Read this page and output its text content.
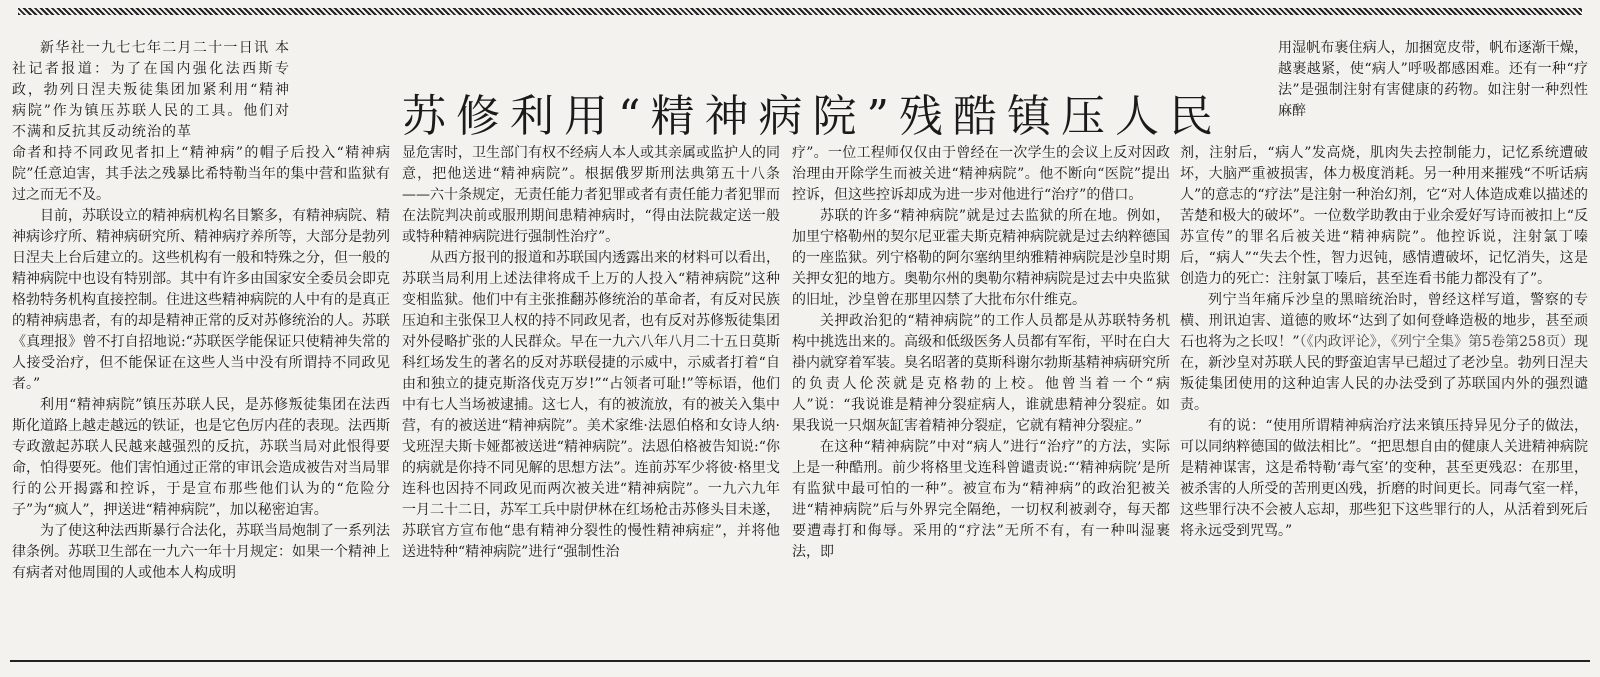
苏修利用“精神病院”残酷镇压人民

新华社一九七七年二月二十一日讯 本社记者报道：为了在国内强化法西斯专政，勃列日涅夫叛徒集团加紧利用“精神病院”作为镇压苏联人民的工具。他们对不满和反抗其反动统治的革

命者和持不同政见者扣上“精神病”的帽子后投入“精神病院”任意迫害，其手法之残暴比希特勒当年的集中营和监狱有过之而无不及。

目前，苏联设立的精神病机构名目繁多，有精神病院、精神病诊疗所、精神病研究所、精神病疗养所等，大部分是勃列日涅夫上台后建立的。这些机构有一般和特殊之分，但一般的精神病院中也设有特别部。其中有许多由国家安全委员会即克格勃特务机构直接控制。住进这些精神病院的人中有的是真正的精神病患者，有的却是精神正常的反对苏修统治的人。苏联《真理报》曾不打自招地说:“苏联医学能保证只使精神失常的人接受治疗，但不能保证在这些人当中没有所谓持不同政见者。”

利用“精神病院”镇压苏联人民，是苏修叛徒集团在法西斯化道路上越走越远的铁证，也是它色厉内荏的表现。法西斯专政激起苏联人民越来越强烈的反抗，苏联当局对此恨得要命，怕得要死。他们害怕通过正常的审讯会造成被告对当局罪行的公开揭露和控诉，于是宣布那些他们认为的“危险分子”为“疯人”，押送进“精神病院”，加以秘密迫害。

为了使这种法西斯暴行合法化，苏联当局炮制了一系列法律条例。苏联卫生部在一九六一年十月规定：如果一个精神上有病者对他周围的人或他本人构成明

显危害时，卫生部门有权不经病人本人或其亲属或监护人的同意，把他送进“精神病院”。根据俄罗斯刑法典第五十八条——六十条规定，无责任能力者犯罪或者有责任能力者犯罪而在法院判决前或服刑期间患精神病时，“得由法院裁定送一般或特种精神病院进行强制性治疗”。

从西方报刊的报道和苏联国内透露出来的材料可以看出，苏联当局利用上述法律将成千上万的人投入“精神病院”这种变相监狱。他们中有主张推翻苏修统治的革命者，有反对民族压迫和主张保卫人权的持不同政见者，也有反对苏修叛徒集团对外侵略扩张的人民群众。早在一九六八年八月二十五日莫斯科红场发生的著名的反对苏联侵捷的示威中，示威者打着“自由和独立的捷克斯洛伐克万岁!”“占领者可耻!”等标语，他们中有七人当场被逮捕。这七人，有的被流放，有的被关入集中营，有的被送进“精神病院”。美术家维·法恩伯格和女诗人纳·戈班涅夫斯卡娅都被送进“精神病院”。法恩伯格被告知说:“你的病就是你持不同见解的思想方法”。连前苏军少将彼·格里戈连科也因持不同政见而两次被关进“精神病院”。一九六九年一月二十二日，苏军工兵中尉伊林在红场枪击苏修头目未遂，苏联官方宣布他“患有精神分裂性的慢性精神病症”，并将他送进特种“精神病院”进行“强制性治

疗”。一位工程师仅仅由于曾经在一次学生的会议上反对因政治理由开除学生而被关进“精神病院”。他不断向“医院”提出控诉，但这些控诉却成为进一步对他进行“治疗”的借口。

苏联的许多“精神病院”就是过去监狱的所在地。例如，加里宁格勒州的契尔尼亚霍夫斯克精神病院就是过去纳粹德国的一座监狱。列宁格勒的阿尔塞纳里纳雅精神病院是沙皇时期关押女犯的地方。奥勒尔州的奥勒尔精神病院是过去中央监狱的旧址，沙皇曾在那里囚禁了大批布尔什维克。

关押政治犯的“精神病院”的工作人员都是从苏联特务机构中挑选出来的。高级和低级医务人员都有军衔，平时在白大褂内就穿着军装。臭名昭著的莫斯科谢尔勃斯基精神病研究所的负责人伦茨就是克格勃的上校。他曾当着一个“病人”说：“我说谁是精神分裂症病人，谁就患精神分裂症。如果我说一只烟灰缸害着精神分裂症，它就有精神分裂症。”

在这种“精神病院”中对“病人”进行“治疗”的方法，实际上是一种酷刑。前少将格里戈连科曾谴责说:“‘精神病院’是所有监狱中最可怕的一种”。被宣布为“精神病”的政治犯被关进“精神病院”后与外界完全隔绝，一切权利被剥夺，每天都要遭毒打和侮辱。采用的“疗法”无所不有，有一种叫湿裹法，即

用湿帆布裹住病人，加捆宽皮带，帆布逐渐干燥，越裹越紧，使“病人”呼吸都感困难。还有一种“疗法”是强制注射有害健康的药物。如注射一种烈性麻醉

剂，注射后，“病人”发高烧，肌肉失去控制能力，记忆系统遭破坏，大脑严重被损害，体力极度消耗。另一种用来摧残“不听话病人”的意志的“疗法”是注射一种治幻剂，它“对人体造成难以描述的苦楚和极大的破坏”。一位数学助教由于业余爱好写诗而被扣上“反苏宣传”的罪名后被关进“精神病院”。他控诉说，注射氯丁嗪后，“病人”“失去个性，智力迟钝，感情遭破坏，记忆消失，这是创造力的死亡：注射氯丁嗪后，甚至连看书能力都没有了”。

列宁当年痛斥沙皇的黑暗统治时，曾经这样写道，警察的专横、刑讯迫害、道德的败坏“达到了如何登峰造极的地步，甚至顽石也将为之长叹！”（《内政评论》，《列宁全集》第5卷第258页）现在，新沙皇对苏联人民的野蛮迫害早已超过了老沙皇。勃列日涅夫叛徒集团使用的这种迫害人民的办法受到了苏联国内外的强烈谴责。

有的说：“使用所谓精神病治疗法来镇压持异见分子的做法，可以同纳粹德国的做法相比”。“把思想自由的健康人关进精神病院是精神谋害，这是希特勒‘毒气室’的变种，甚至更残忍：在那里，被杀害的人所受的苦刑更凶残，折磨的时间更长。同毒气室一样，这些罪行决不会被人忘却，那些犯下这些罪行的人，从活着到死后将永远受到咒骂。”
